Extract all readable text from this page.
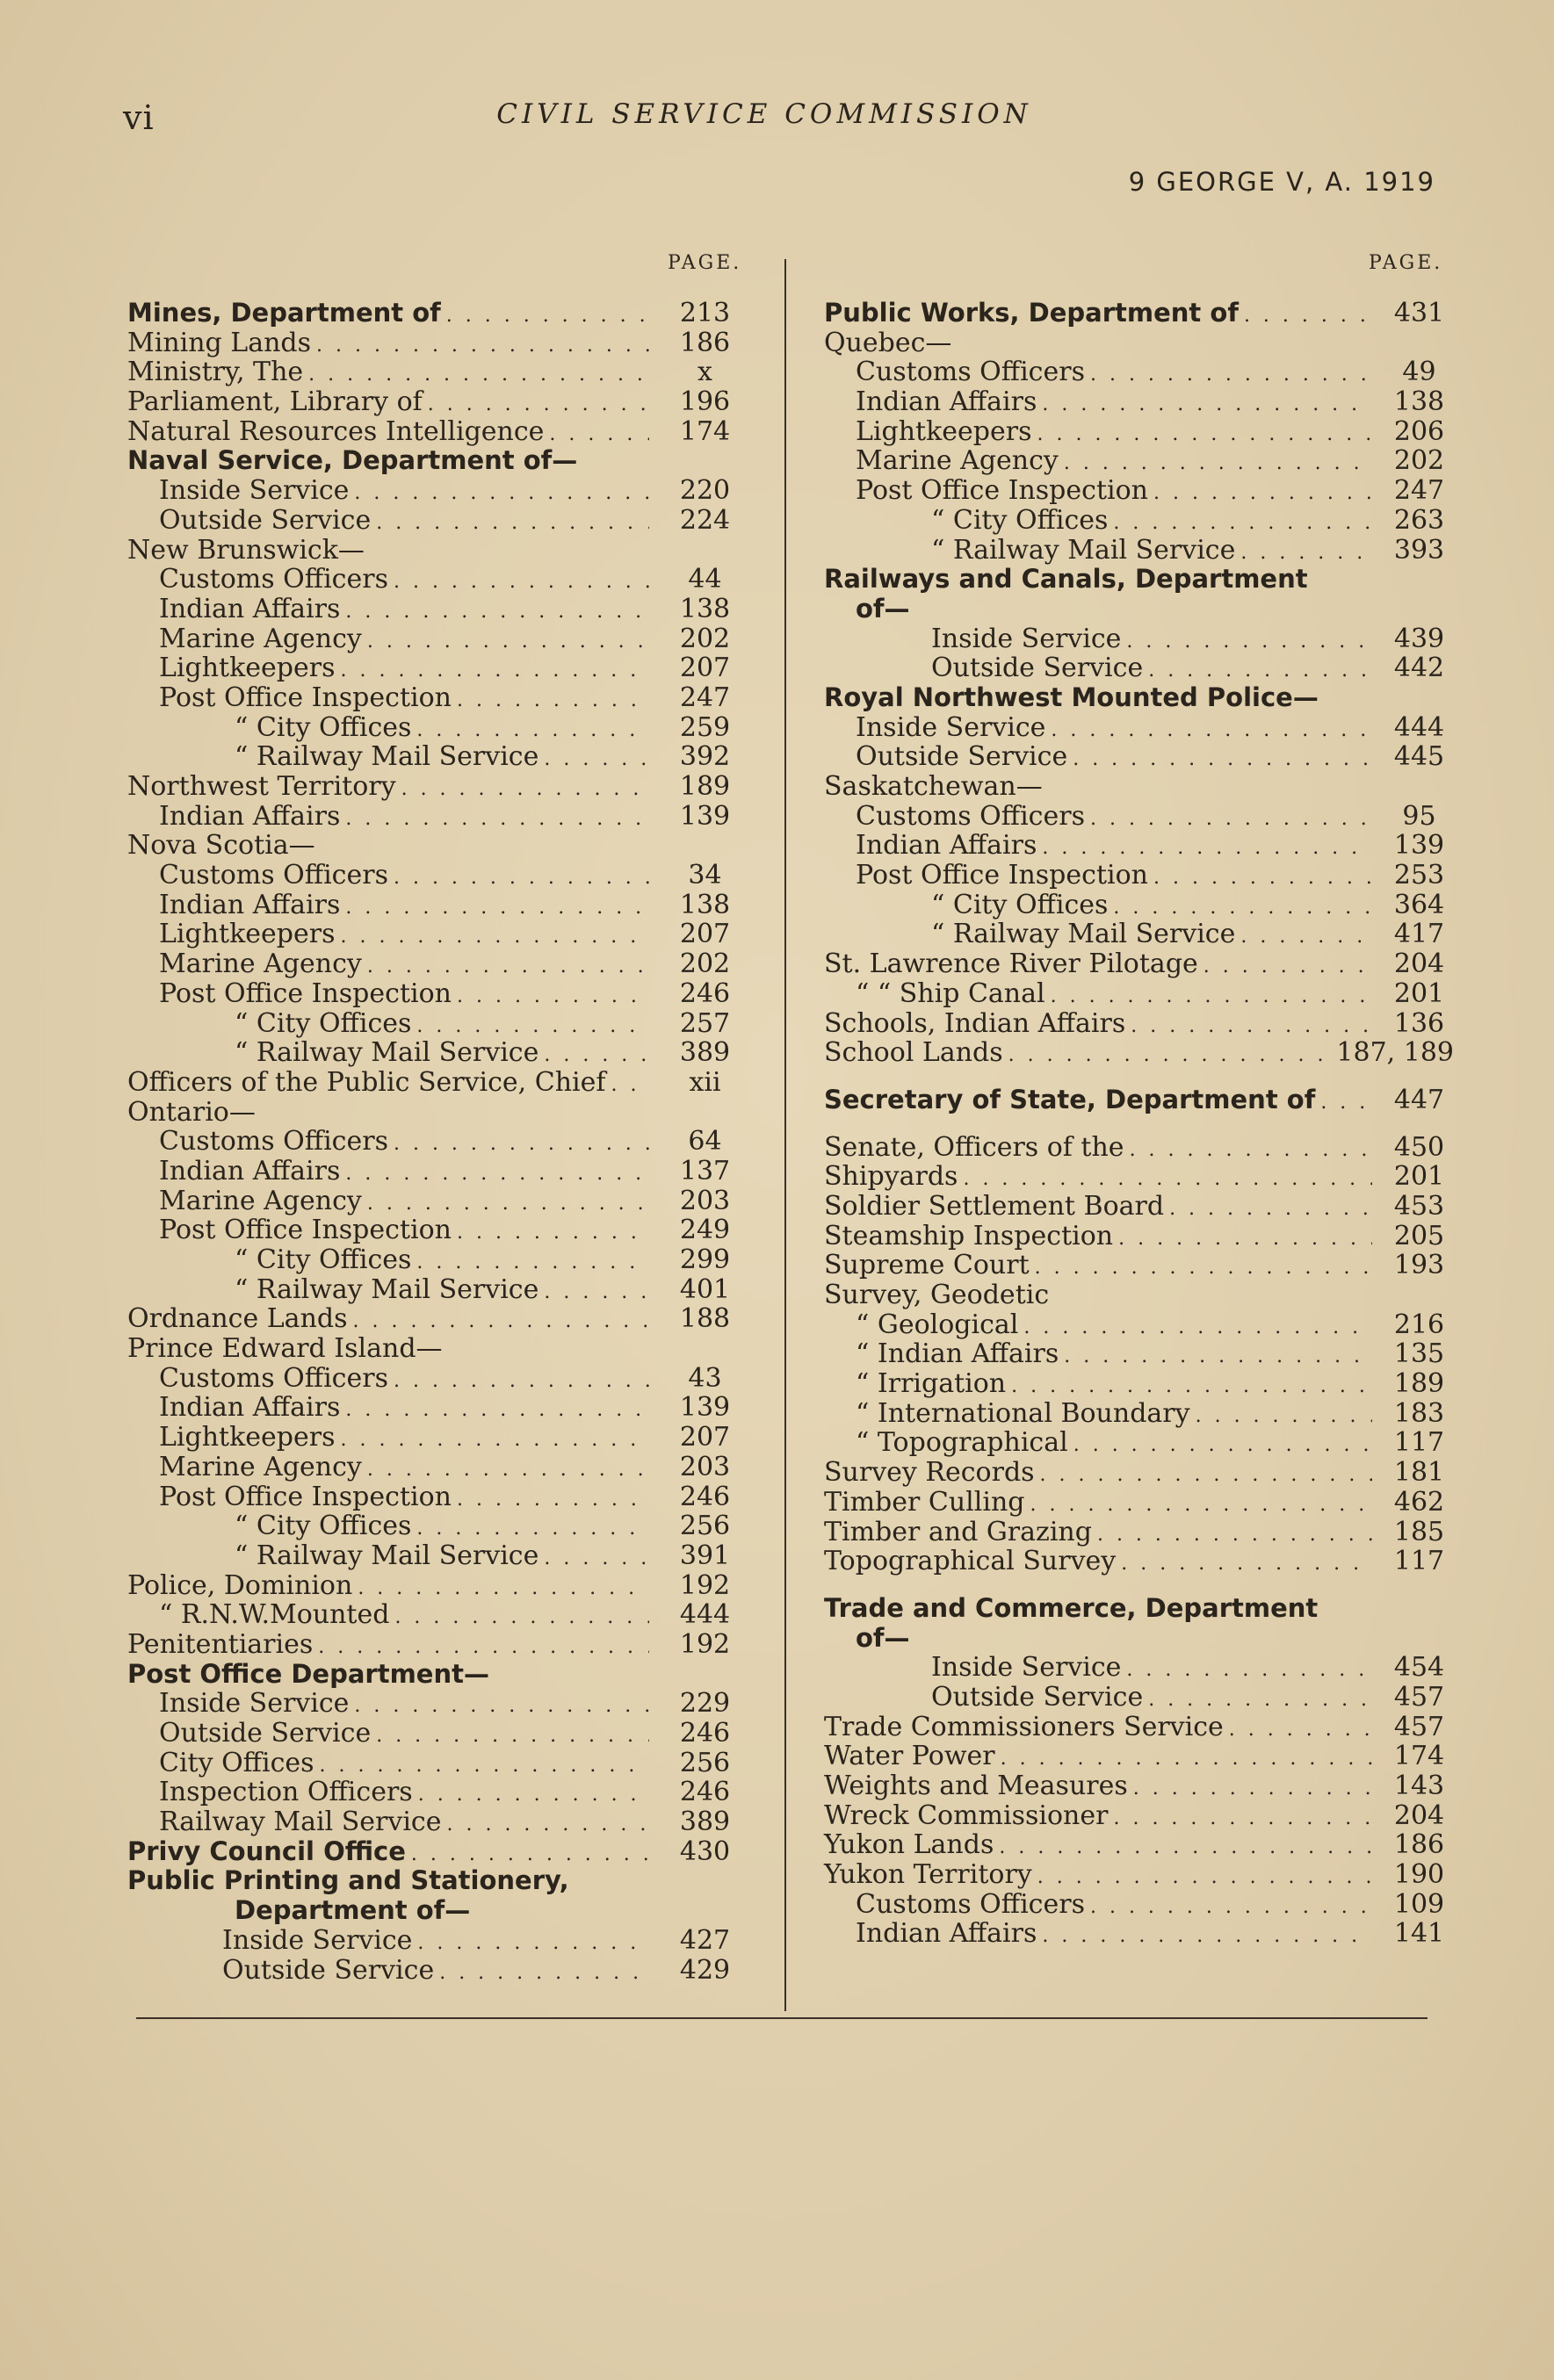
vi	CIVIL SERVICE COMMISSION
9 GEORGE V, A. 1919
PAGE.	PAGE.
Mines, Department of . . .	213
Mining Lands . . .	186
Ministry, The . . .	x
Parliament, Library of . . .	196
Natural Resources Intelligence . . .	174
Naval Service, Department of—
Inside Service . . .	220
Outside Service . . .	224
New Brunswick—
Customs Officers . . .	44
Indian Affairs . . .	138
Marine Agency . . .	202
Lightkeepers . . .	207
Post Office Inspection . . .	247
“ City Offices . . .	259
“ Railway Mail Service . . .	392
Northwest Territory . . .	189
Indian Affairs . . .	139
Nova Scotia—
Customs Officers . . .	34
Indian Affairs . . .	138
Lightkeepers . . .	207
Marine Agency . . .	202
Post Office Inspection . . .	246
“ City Offices . . .	257
“ Railway Mail Service . . .	389
Officers of the Public Service, Chief . . .	xii
Ontario—
Customs Officers . . .	64
Indian Affairs . . .	137
Marine Agency . . .	203
Post Office Inspection . . .	249
“ City Offices . . .	299
“ Railway Mail Service . . .	401
Ordnance Lands . . .	188
Prince Edward Island—
Customs Officers . . .	43
Indian Affairs . . .	139
Lightkeepers . . .	207
Marine Agency . . .	203
Post Office Inspection . . .	246
“ City Offices . . .	256
“ Railway Mail Service . . .	391
Police, Dominion . . .	192
“ R.N.W.Mounted . . .	444
Penitentiaries . . .	192
Post Office Department—
Inside Service . . .	229
Outside Service . . .	246
City Offices . . .	256
Inspection Officers . . .	246
Railway Mail Service . . .	389
Privy Council Office . . .	430
Public Printing and Stationery,
Department of—
Inside Service . . .	427
Outside Service . . .	429
Public Works, Department of . . .	431
Quebec—
Customs Officers . . .	49
Indian Affairs . . .	138
Lightkeepers . . .	206
Marine Agency . . .	202
Post Office Inspection . . .	247
“ City Offices . . .	263
“ Railway Mail Service . . .	393
Railways and Canals, Department
of—
Inside Service . . .	439
Outside Service . . .	442
Royal Northwest Mounted Police—
Inside Service . . .	444
Outside Service . . .	445
Saskatchewan—
Customs Officers . . .	95
Indian Affairs . . .	139
Post Office Inspection . . .	253
“ City Offices . . .	364
“ Railway Mail Service . . .	417
St. Lawrence River Pilotage . . .	204
“ “ Ship Canal . . .	201
Schools, Indian Affairs . . .	136
School Lands . . .	187, 189
Secretary of State, Department of . . .	447
Senate, Officers of the . . .	450
Shipyards . . .	201
Soldier Settlement Board . . .	453
Steamship Inspection . . .	205
Supreme Court . . .	193
Survey, Geodetic
“ Geological . . .	216
“ Indian Affairs . . .	135
“ Irrigation . . .	189
“ International Boundary . . .	183
“ Topographical . . .	117
Survey Records . . .	181
Timber Culling . . .	462
Timber and Grazing . . .	185
Topographical Survey . . .	117
Trade and Commerce, Department
of—
Inside Service . . .	454
Outside Service . . .	457
Trade Commissioners Service . . .	457
Water Power . . .	174
Weights and Measures . . .	143
Wreck Commissioner . . .	204
Yukon Lands . . .	186
Yukon Territory . . .	190
Customs Officers . . .	109
Indian Affairs . . .	141
